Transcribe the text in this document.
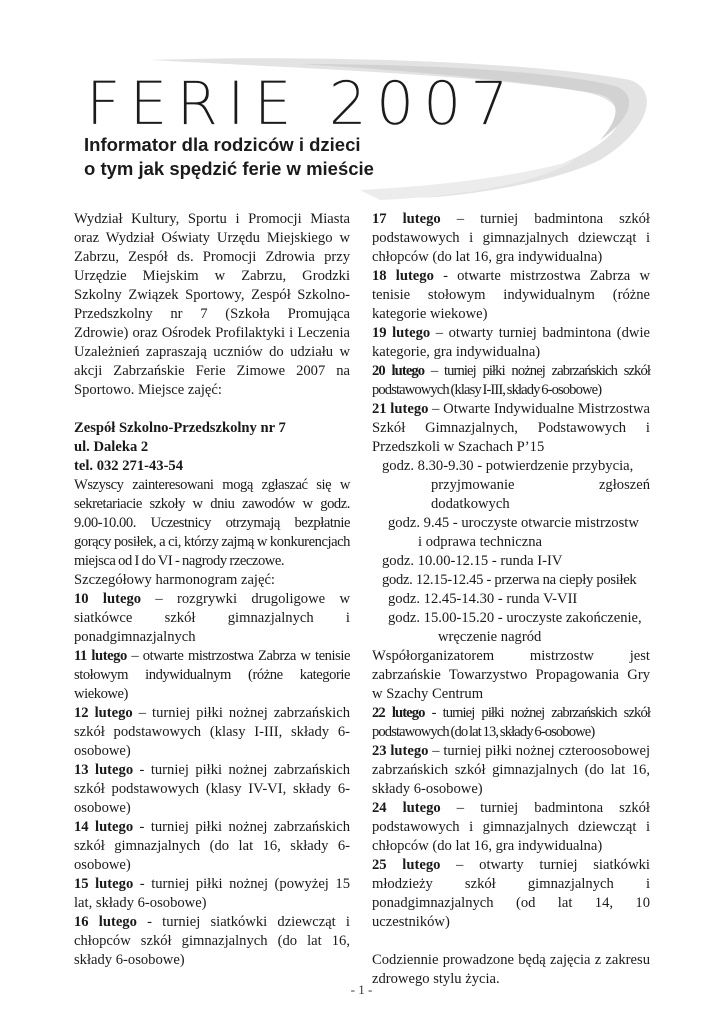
FERIE 2007
Informator dla rodziców i dzieci
o tym jak spędzić ferie w mieście

Wydział Kultury, Sportu i Promocji Miasta oraz Wydział Oświaty Urzędu Miejskiego w Zabrzu, Zespół ds. Promocji Zdrowia przy Urzędzie Miejskim w Zabrzu, Grodzki Szkolny Związek Sportowy, Zespół Szkolno-Przedszkolny nr 7 (Szkoła Promująca Zdrowie) oraz Ośrodek Profilaktyki i Leczenia Uzależnień zapraszają uczniów do udziału w akcji Zabrzańskie Ferie Zimowe 2007 na Sportowo. Miejsce zajęć:

Zespół Szkolno-Przedszkolny nr 7

ul. Daleka 2

tel. 032 271-43-54

Wszyscy zainteresowani mogą zgłaszać się w sekretariacie szkoły w dniu zawodów w godz. 9.00-10.00. Uczestnicy otrzymają bezpłatnie gorący posiłek, a ci, którzy zajmą w konkurencjach miejsca od I do VI - nagrody rzeczowe.

Szczegółowy harmonogram zajęć:

10 lutego – rozgrywki drugoligowe w siatkówce szkół gimnazjalnych i ponadgimnazjalnych

11 lutego – otwarte mistrzostwa Zabrza w tenisie stołowym indywidualnym (różne kategorie wiekowe)

12 lutego – turniej piłki nożnej zabrzańskich szkół podstawowych (klasy I-III, składy 6-osobowe)

13 lutego - turniej piłki nożnej zabrzańskich szkół podstawowych (klasy IV-VI, składy 6-osobowe)

14 lutego - turniej piłki nożnej zabrzańskich szkół gimnazjalnych (do lat 16, składy 6-osobowe)

15 lutego - turniej piłki nożnej (powyżej 15 lat, składy 6-osobowe)

16 lutego - turniej siatkówki dziewcząt i chłopców szkół gimnazjalnych (do lat 16, składy 6-osobowe)

17 lutego – turniej badmintona szkół podstawowych i gimnazjalnych dziewcząt i chłopców (do lat 16, gra indywidualna)

18 lutego - otwarte mistrzostwa Zabrza w tenisie stołowym indywidualnym (różne kategorie wiekowe)

19 lutego – otwarty turniej badmintona (dwie kategorie, gra indywidualna)

20 lutego – turniej piłki nożnej zabrzańskich szkół podstawowych (klasy I-III, składy 6-osobowe)

21 lutego – Otwarte Indywidualne Mistrzostwa Szkół Gimnazjalnych, Podstawowych i Przedszkoli w Szachach P’15

godz. 8.30-9.30 - potwierdzenie przybycia,
przyjmowanie zgłoszeń dodatkowych
godz. 9.45 - uroczyste otwarcie mistrzostw
i odprawa techniczna
godz. 10.00-12.15 - runda I-IV
godz. 12.15-12.45 - przerwa na ciepły posiłek
godz. 12.45-14.30 - runda V-VII
godz. 15.00-15.20 - uroczyste zakończenie,
wręczenie nagród

Współorganizatorem mistrzostw jest zabrzańskie Towarzystwo Propagowania Gry w Szachy Centrum

22 lutego - turniej piłki nożnej zabrzańskich szkół podstawowych (do lat 13, składy 6-osobowe)

23 lutego – turniej piłki nożnej czteroosobowej zabrzańskich szkół gimnazjalnych (do lat 16, składy 6-osobowe)

24 lutego – turniej badmintona szkół podstawowych i gimnazjalnych dziewcząt i chłopców (do lat 16, gra indywidualna)

25 lutego – otwarty turniej siatkówki młodzieży szkół gimnazjalnych i ponadgimnazjalnych (od lat 14, 10 uczestników)

Codziennie prowadzone będą zajęcia z zakresu zdrowego stylu życia.

- 1 -
